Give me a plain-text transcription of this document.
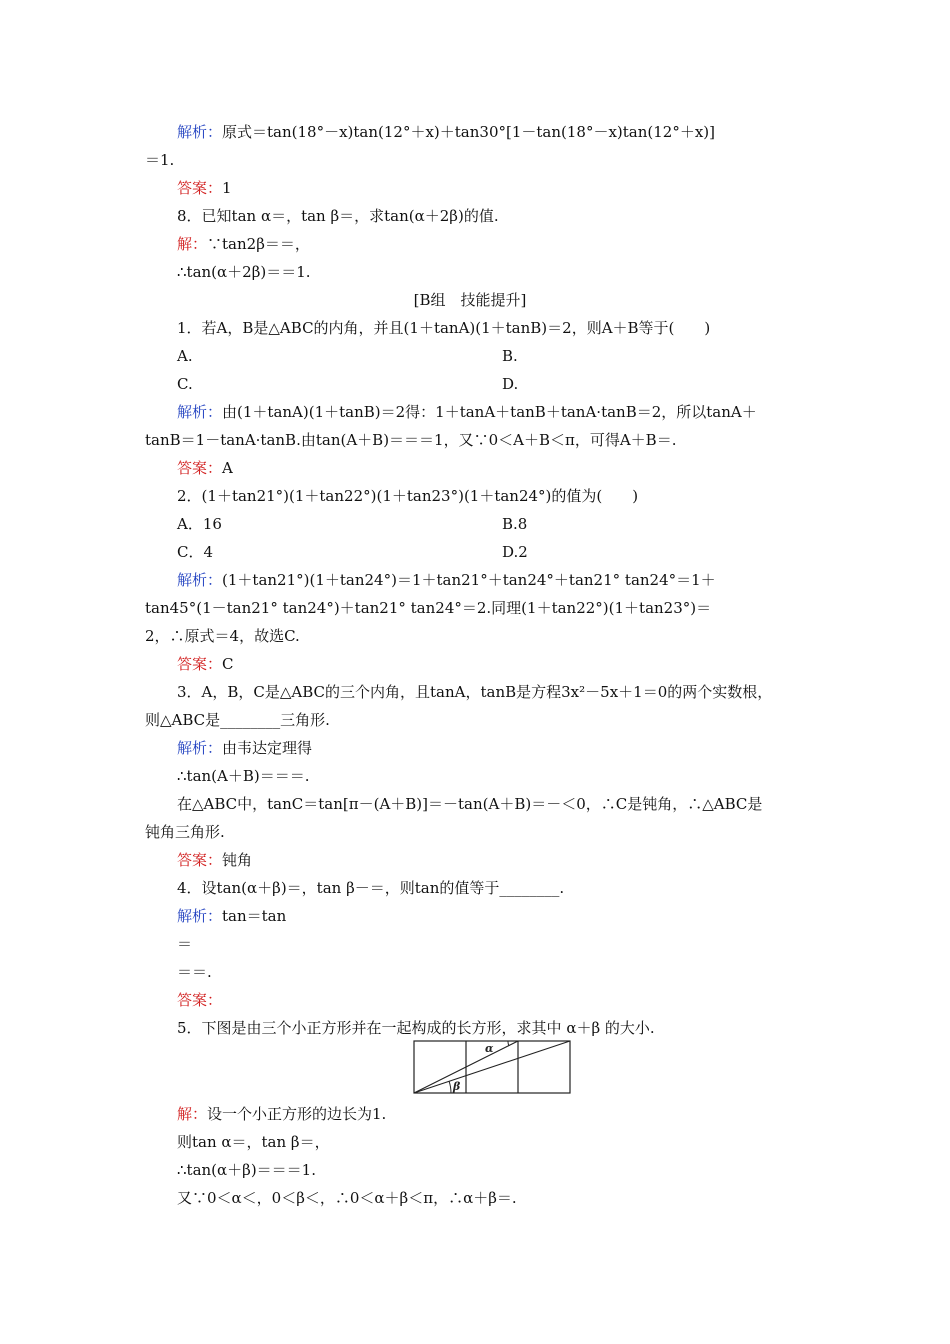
解析：原式＝tan(18°－x)tan(12°＋x)＋tan30°[1－tan(18°－x)tan(12°＋x)]
＝1.
答案：1
8．已知tan α＝，tan β＝，求tan(α＋2β)的值.
解：∵tan2β＝＝，
∴tan(α＋2β)＝＝1.
[B组　技能提升]
1．若A，B是△ABC的内角，并且(1＋tanA)(1＋tanB)＝2，则A＋B等于(　　)
A.	B.
C.	D.
解析：由(1＋tanA)(1＋tanB)＝2得：1＋tanA＋tanB＋tanA·tanB＝2，所以tanA＋
tanB＝1－tanA·tanB.由tan(A＋B)＝＝＝1，又∵0＜A＋B＜π，可得A＋B＝.
答案：A
2．(1＋tan21°)(1＋tan22°)(1＋tan23°)(1＋tan24°)的值为(　　)
A．16	B.8
C．4	D.2
解析：(1＋tan21°)(1＋tan24°)＝1＋tan21°＋tan24°＋tan21° tan24°＝1＋
tan45°(1－tan21° tan24°)＋tan21° tan24°＝2.同理(1＋tan22°)(1＋tan23°)＝
2，∴原式＝4，故选C.
答案：C
3．A，B，C是△ABC的三个内角，且tanA，tanB是方程3x²－5x＋1＝0的两个实数根，
则△ABC是________三角形.
解析：由韦达定理得
∴tan(A＋B)＝＝＝.
在△ABC中，tanC＝tan[π－(A＋B)]＝－tan(A＋B)＝－＜0，∴C是钝角，∴△ABC是
钝角三角形.
答案：钝角
4．设tan(α＋β)＝，tan β－＝，则tan的值等于________.
解析：tan＝tan
＝
＝＝.
答案：
5．下图是由三个小正方形并在一起构成的长方形，求其中 α＋β 的大小.
α
β
解：设一个小正方形的边长为1.
则tan α＝，tan β＝，
∴tan(α＋β)＝＝＝1.
又∵0＜α＜，0＜β＜，∴0＜α＋β＜π，∴α＋β＝.
